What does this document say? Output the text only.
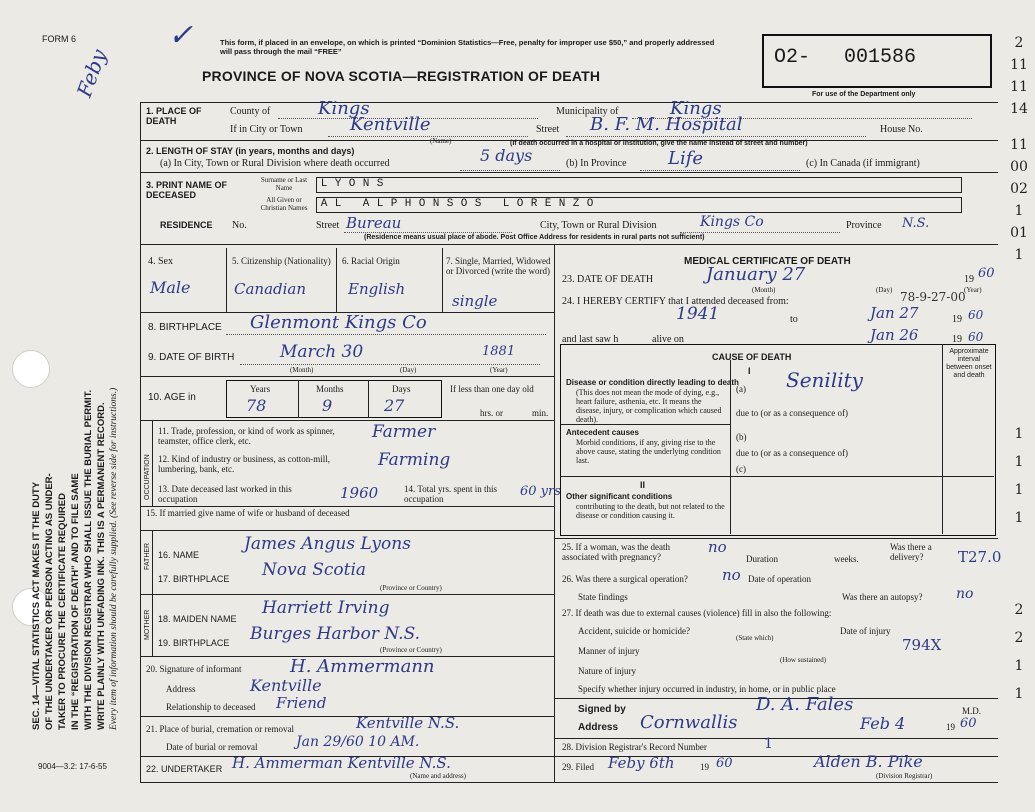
FORM 6
Feby
✓	This form, if placed in an envelope, on which is printed “Dominion Statistics—Free, penalty for improper use $50,” and properly addressed will pass through the mail “FREE”
PROVINCE OF NOVA SCOTIA—REGISTRATION OF DEATH
O2- 001586
For use of the Department only
2
11
11
14
11
00
02
1
01
1
1
1
1
1
2
2
1
1
SEC. 14—VITAL STATISTICS ACT MAKES IT THE DUTY OF THE UNDERTAKER OR PERSON ACTING AS UNDER- TAKER TO PROCURE THE CERTIFICATE REQUIRED IN THE “REGISTRATION OF DEATH” AND TO FILE SAME WITH THE DIVISION REGISTRAR WHO SHALL ISSUE THE BURIAL PERMIT. WRITE PLAINLY WITH UNFADING INK. THIS IS A PERMANENT RECORD. Every item of information should be carefully supplied. (See reverse side for instructions.)
1. PLACE OF DEATH
County of	Kings	Municipality of	Kings
If in City or Town	Kentville
(Name)
Street B. F. M. Hospital	House No.
(If death occurred in a hospital or institution, give the name instead of street and number)
2. LENGTH OF STAY (in years, months and days)
(a) In City, Town or Rural Division where death occurred	5 days	(b) In Province Life	(c) In Canada (if immigrant)
3. PRINT NAME OF DECEASED
Surname or Last Name	L Y O N S
All Given or Christian Names	A L A L P H O N S O S L O R E N Z O
RESIDENCE No.	Street Bureau	City, Town or Rural Division	Kings Co	Province N.S.
(Residence means usual place of abode. Post Office Address for residents in rural parts not sufficient)
4. Sex
Male
5. Citizenship (Nationality)
Canadian
6. Racial Origin
English
7. Single, Married, Widowed or Divorced (write the word)
single
8. BIRTHPLACE Glenmont Kings Co
9. DATE OF BIRTH	March 30	1881
(Month)	(Day)	(Year)
10. AGE in
Years	Months	Days
78	9	27
If less than one day old
hrs. or	min.
OCCUPATION
11. Trade, profession, or kind of work as spinner, teamster, office clerk, etc.	Farmer
12. Kind of industry or business, as cotton-mill, lumbering, bank, etc.	Farming
13. Date deceased last worked in this occupation	1960	14. Total yrs. spent in this occupation	60 yrs
15. If married give name of wife or husband of deceased
FATHER 16. NAME
James Angus Lyons
17. BIRTHPLACE Nova Scotia
(Province or Country)
MOTHER 18. MAIDEN NAME
Harriett Irving
19. BIRTHPLACE Burges Harbor N.S.
(Province or Country)
20. Signature of informant	H. Ammermann
Address	Kentville
Relationship to deceased Friend
21. Place of burial, cremation or removal	Kentville N.S.
Date of burial or removal	Jan 29/60 10 AM.
22. UNDERTAKER H. Ammerman Kentville N.S.
(Name and address)
MEDICAL CERTIFICATE OF DEATH
23. DATE OF DEATH	January 27	19 60
(Month)	(Day)	(Year)
24. I HEREBY CERTIFY that I attended deceased from:	78-9-27-00
1941	to	19
Jan 27	60
and last saw h	alive on	Jan 26	19 60
CAUSE OF DEATH
Approximate interval between onset and death
I
Disease or condition directly leading to death
(This does not mean the mode of dying, e.g., heart failure, asthenia, etc. It means the disease, injury, or complication which caused death).
(a) Senility
due to (or as a consequence of)
Antecedent causes
Morbid conditions, if any, giving rise to the above cause, stating the underlying condition last.
(b)
due to (or as a consequence of)
(c)
II
Other significant conditions
contributing to the death, but not related to the disease or condition causing it.
25. If a woman, was the death associated with pregnancy?
no
Duration	weeks.
Was there a delivery?	T27.0
26. Was there a surgical operation? no Date of operation
State findings	Was there an autopsy? no
27. If death was due to external causes (violence) fill in also the following:
Accident, suicide or homicide?
(State which)
Date of injury
Manner of injury	794X
(How sustained)
Nature of injury
Specify whether injury occurred in industry, in home, or in public place
Signed by	D. A. Fales	M.D.
Address Cornwallis	Feb 4	19 60
28. Division Registrar's Record Number	1
29. Filed Feby 6th	19 60	Alden B. Pike
(Division Registrar)
9004—3.2: 17-6-55
